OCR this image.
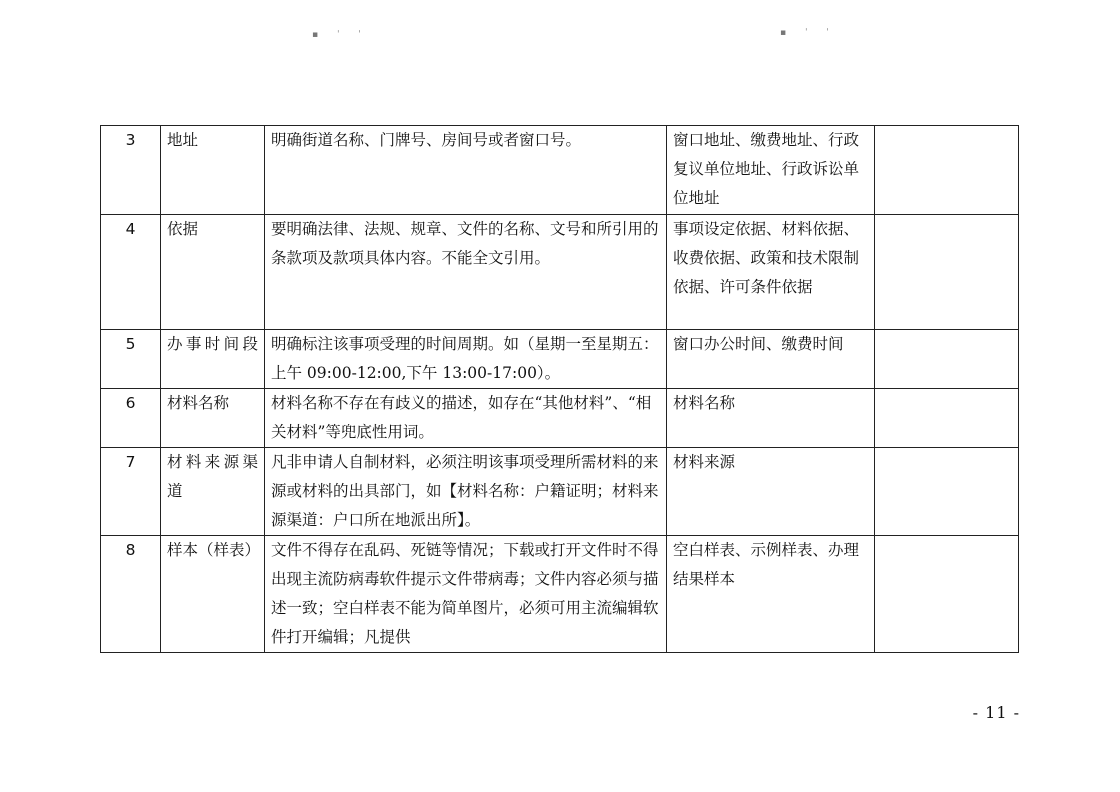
▪ ˈ ˈ	▪ ˈ ˈ
3	地址	明确街道名称、门牌号、房间号或者窗口号。	窗口地址、缴费地址、行政复议单位地址、行政诉讼单位地址	
4	依据	要明确法律、法规、规章、文件的名称、文号和所引用的条款项及款项具体内容。不能全文引用。	事项设定依据、材料依据、收费依据、政策和技术限制依据、许可条件依据	
5	办事时间段	明确标注该事项受理的时间周期。如（星期一至星期五：上午 09:00-12:00,下午 13:00-17:00）。	窗口办公时间、缴费时间	
6	材料名称	材料名称不存在有歧义的描述，如存在“其他材料”、“相关材料”等兜底性用词。	材料名称	
7	材料来源渠道	凡非申请人自制材料，必须注明该事项受理所需材料的来源或材料的出具部门，如【材料名称：户籍证明；材料来源渠道：户口所在地派出所】。	材料来源	
8	样本（样表）	文件不得存在乱码、死链等情况；下载或打开文件时不得出现主流防病毒软件提示文件带病毒；文件内容必须与描述一致；空白样表不能为简单图片，必须可用主流编辑软件打开编辑；凡提供	空白样表、示例样表、办理结果样本	
- 11 -
